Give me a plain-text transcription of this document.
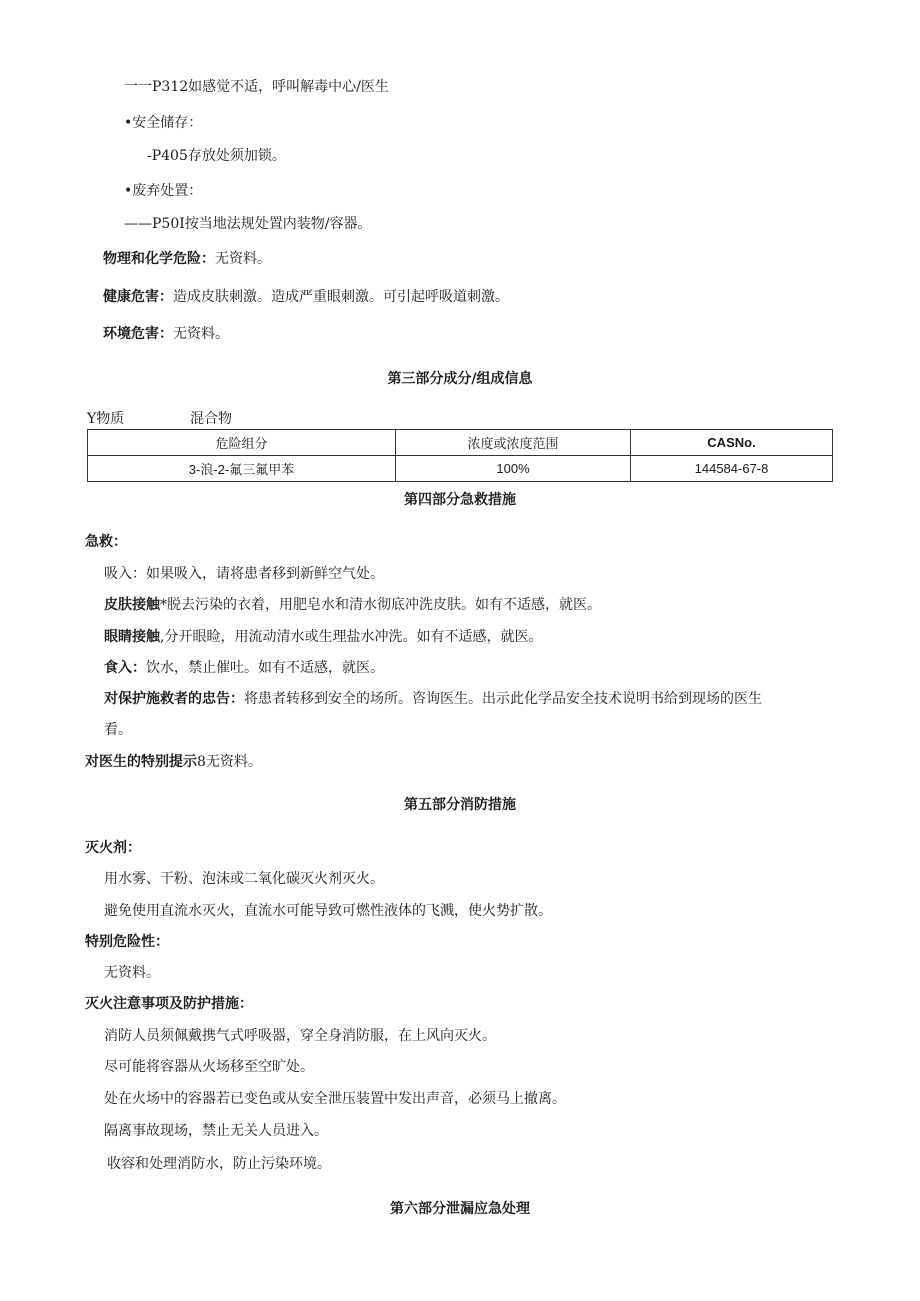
一一P312如感觉不适，呼叫解毒中心/医生
•安全储存：
-P405存放处须加锁。
•废弃处置：
——P50I按当地法规处置内装物/容器。
物理和化学危险：无资料。
健康危害：造成皮肤刺激。造成严重眼刺激。可引起呼吸道刺激。
环境危害：无资料。
第三部分成分/组成信息
Y物质	混合物
危险组分	浓度或浓度范围	CASNo.
3-浪-2-氟三氟甲苯	100%	144584-67-8
第四部分急救措施
急救：
吸入：如果吸入，请将患者移到新鲜空气处。
皮肤接触*脱去污染的衣着，用肥皂水和清水彻底冲洗皮肤。如有不适感，就医。
眼睛接触,分开眼睑，用流动清水或生理盐水冲洗。如有不适感，就医。
食入：饮水，禁止催吐。如有不适感，就医。
对保护施救者的忠告：将患者转移到安全的场所。咨询医生。出示此化学品安全技术说明书给到现场的医生
看。
对医生的特别提示8无资料。
第五部分消防措施
灭火剂：
用水雾、干粉、泡沫或二氧化碳灭火剂灭火。
避免使用直流水灭火，直流水可能导致可燃性液体的飞溅，使火势扩散。
特别危险性：
无资料。
灭火注意事项及防护措施：
消防人员须佩戴携气式呼吸器，穿全身消防服，在上风向灭火。
尽可能将容器从火场移至空旷处。
处在火场中的容器若已变色或从安全泄压装置中发出声音，必须马上撤离。
隔离事故现场，禁止无关人员进入。
收容和处理消防水，防止污染环境。
第六部分泄漏应急处理
